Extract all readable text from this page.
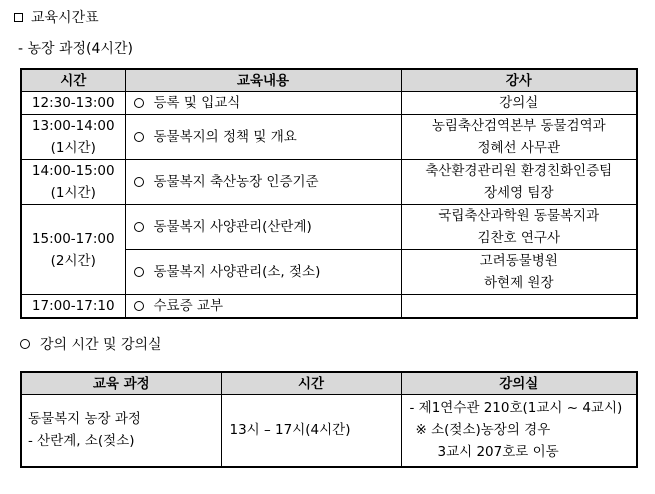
교육시간표
- 농장 과정(4시간)
시간	교육내용	강사
12:30-13:00	등록 및 입교식	강의실

13:00-14:00
(1시간)	동물복지의 정책 및 개요	농림축산검역본부 동물검역과
정혜선 사무관

14:00-15:00
(1시간)	동물복지 축산농장 인증기준	축산환경관리원 환경친화인증팀
장세영 팀장

15:00-17:00
(2시간)	동물복지 사양관리(산란계)	국립축산과학원 동물복지과
김찬호 연구사

	동물복지 사양관리(소, 젖소)	고려동물병원
하현제 원장

17:00-17:10	수료증 교부	
강의 시간 및 강의실
교육 과정	시간	강의실

동물복지 농장 과정
- 산란계, 소(젖소)	13시 – 17시(4시간)	- 제1연수관 210호(1교시 ~ 4교시)
※ 소(젖소)농장의 경우
3교시 207호로 이동
